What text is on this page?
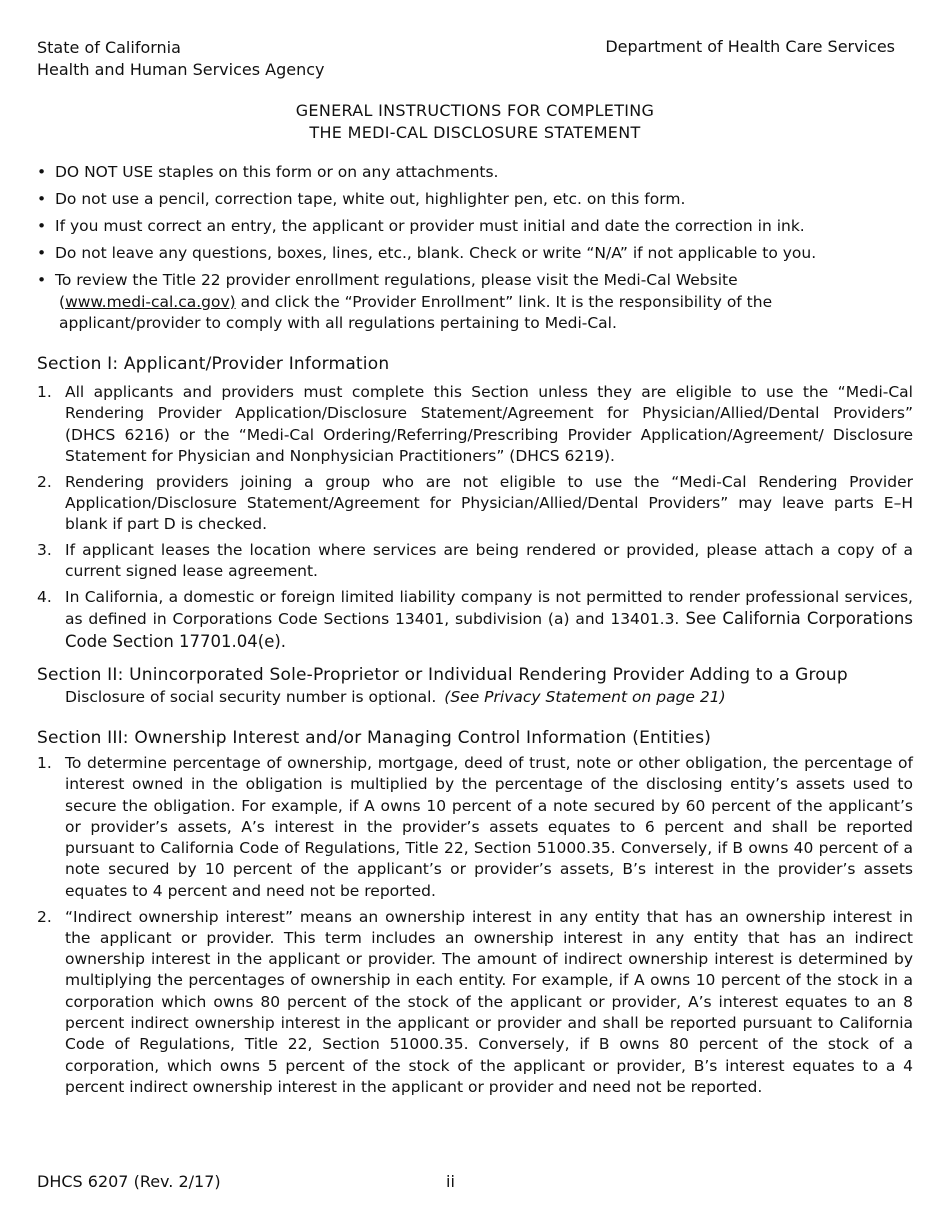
State of California
Health and Human Services Agency
Department of Health Care Services
GENERAL INSTRUCTIONS FOR COMPLETING
THE MEDI-CAL DISCLOSURE STATEMENT
• DO NOT USE staples on this form or on any attachments.
• Do not use a pencil, correction tape, white out, highlighter pen, etc. on this form.
• If you must correct an entry, the applicant or provider must initial and date the correction in ink.
• Do not leave any questions, boxes, lines, etc., blank. Check or write “N/A” if not applicable to you.
• To review the Title 22 provider enrollment regulations, please visit the Medi-Cal Website
(www.medi-cal.ca.gov) and click the “Provider Enrollment” link. It is the responsibility of the
applicant/provider to comply with all regulations pertaining to Medi-Cal.
Section I: Applicant/Provider Information
1. All applicants and providers must complete this Section unless they are eligible to use the “Medi-Cal Rendering Provider Application/Disclosure Statement/Agreement for Physician/Allied/Dental Providers” (DHCS 6216) or the “Medi-Cal Ordering/Referring/Prescribing Provider Application/Agreement/ Disclosure Statement for Physician and Nonphysician Practitioners” (DHCS 6219).
2. Rendering providers joining a group who are not eligible to use the “Medi-Cal Rendering Provider Application/Disclosure Statement/Agreement for Physician/Allied/Dental Providers” may leave parts E–H blank if part D is checked.
3. If applicant leases the location where services are being rendered or provided, please attach a copy of a current signed lease agreement.
4. In California, a domestic or foreign limited liability company is not permitted to render professional services, as defined in Corporations Code Sections 13401, subdivision (a) and 13401.3. See California Corporations Code Section 17701.04(e).
Section II: Unincorporated Sole-Proprietor or Individual Rendering Provider Adding to a Group
Disclosure of social security number is optional. (See Privacy Statement on page 21)
Section III: Ownership Interest and/or Managing Control Information (Entities)
1. To determine percentage of ownership, mortgage, deed of trust, note or other obligation, the percentage of interest owned in the obligation is multiplied by the percentage of the disclosing entity’s assets used to secure the obligation. For example, if A owns 10 percent of a note secured by 60 percent of the applicant’s or provider’s assets, A’s interest in the provider’s assets equates to 6 percent and shall be reported pursuant to California Code of Regulations, Title 22, Section 51000.35. Conversely, if B owns 40 percent of a note secured by 10 percent of the applicant’s or provider’s assets, B’s interest in the provider’s assets equates to 4 percent and need not be reported.
2. “Indirect ownership interest” means an ownership interest in any entity that has an ownership interest in the applicant or provider. This term includes an ownership interest in any entity that has an indirect ownership interest in the applicant or provider. The amount of indirect ownership interest is determined by multiplying the percentages of ownership in each entity. For example, if A owns 10 percent of the stock in a corporation which owns 80 percent of the stock of the applicant or provider, A’s interest equates to an 8 percent indirect ownership interest in the applicant or provider and shall be reported pursuant to California Code of Regulations, Title 22, Section 51000.35. Conversely, if B owns 80 percent of the stock of a corporation, which owns 5 percent of the stock of the applicant or provider, B’s interest equates to a 4 percent indirect ownership interest in the applicant or provider and need not be reported.
DHCS 6207 (Rev. 2/17)	ii
